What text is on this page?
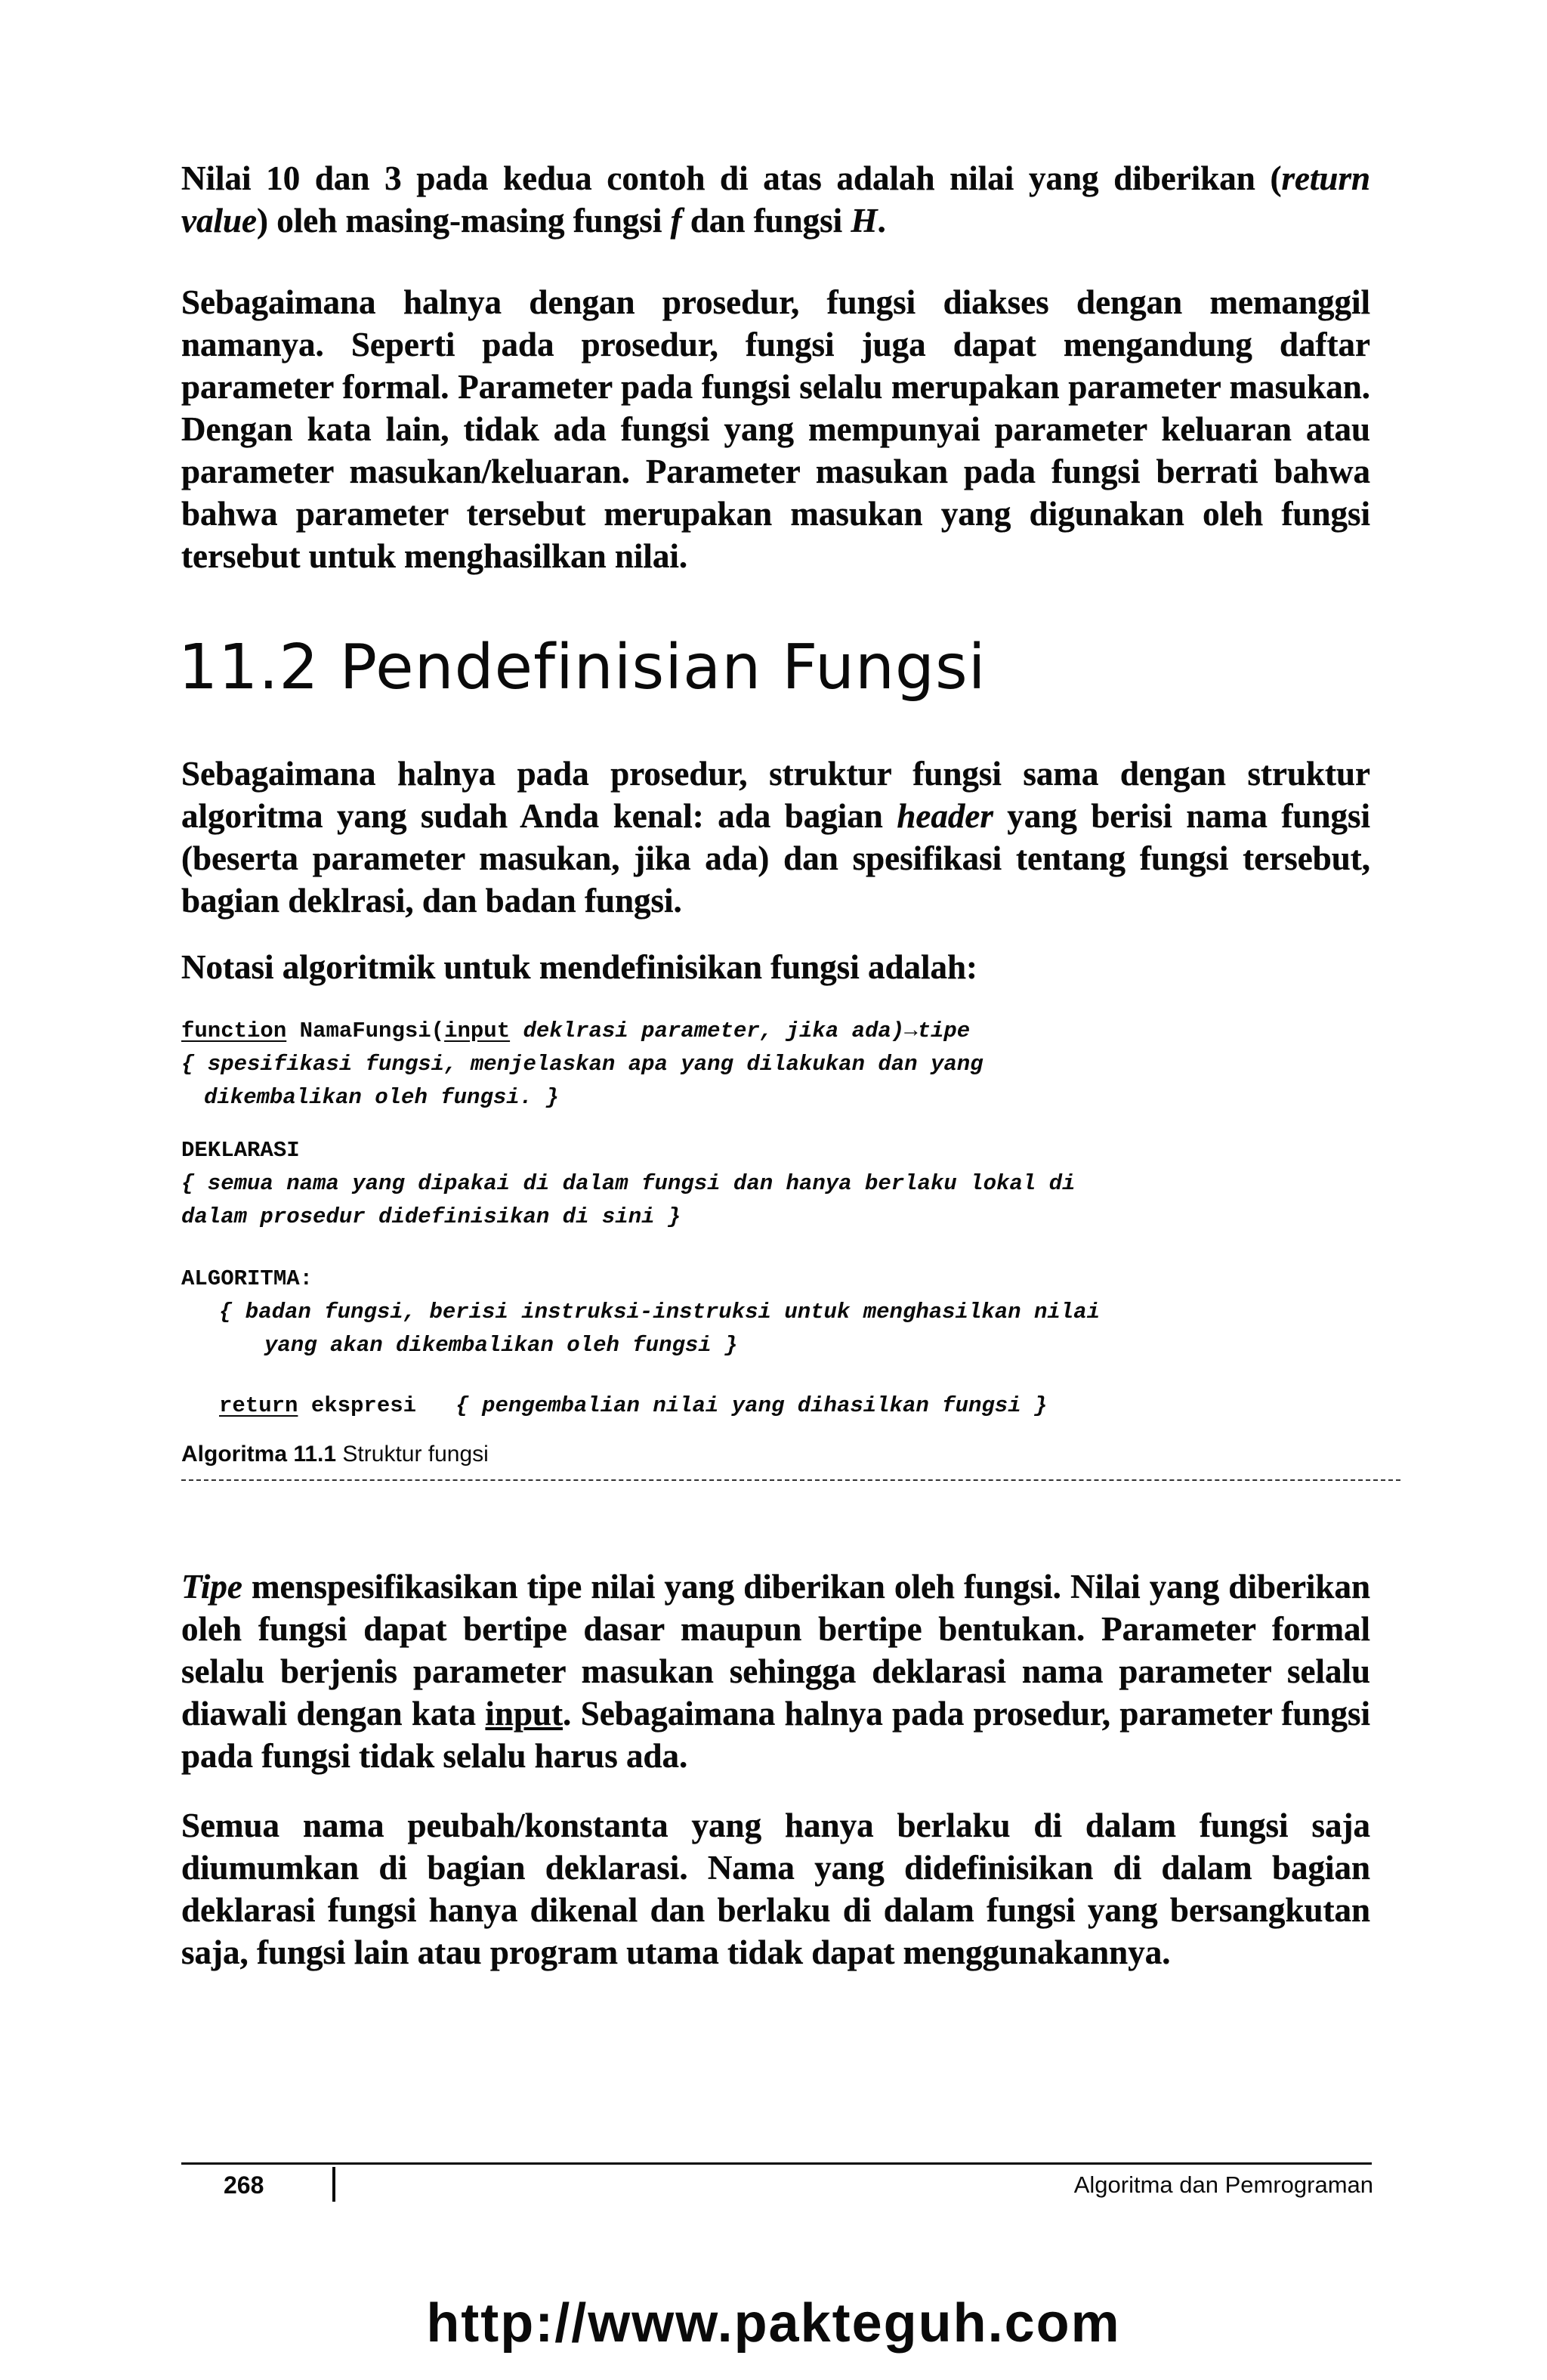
Nilai 10 dan 3 pada kedua contoh di atas adalah nilai yang diberikan (return value) oleh masing-masing fungsi f dan fungsi H.
Sebagaimana halnya dengan prosedur, fungsi diakses dengan memanggil namanya. Seperti pada prosedur, fungsi juga dapat mengandung daftar parameter formal. Parameter pada fungsi selalu merupakan parameter masukan. Dengan kata lain, tidak ada fungsi yang mempunyai parameter keluaran atau parameter masukan/keluaran. Parameter masukan pada fungsi berrati bahwa bahwa parameter tersebut merupakan masukan yang digunakan oleh fungsi tersebut untuk menghasilkan nilai.
11.2 Pendefinisian Fungsi
Sebagaimana halnya pada prosedur, struktur fungsi sama dengan struktur algoritma yang sudah Anda kenal: ada bagian header yang berisi nama fungsi (beserta parameter masukan, jika ada) dan spesifikasi tentang fungsi tersebut, bagian deklrasi, dan badan fungsi.
Notasi algoritmik untuk mendefinisikan fungsi adalah:
function NamaFungsi(input deklrasi parameter, jika ada)→tipe
{ spesifikasi fungsi, menjelaskan apa yang dilakukan dan yang
dikembalikan oleh fungsi. }
DEKLARASI
{ semua nama yang dipakai di dalam fungsi dan hanya berlaku lokal di
dalam prosedur didefinisikan di sini }
ALGORITMA:
{ badan fungsi, berisi instruksi-instruksi untuk menghasilkan nilai
yang akan dikembalikan oleh fungsi }
return ekspresi { pengembalian nilai yang dihasilkan fungsi }
Algoritma 11.1 Struktur fungsi
Tipe menspesifikasikan tipe nilai yang diberikan oleh fungsi. Nilai yang diberikan oleh fungsi dapat bertipe dasar maupun bertipe bentukan. Parameter formal selalu berjenis parameter masukan sehingga deklarasi nama parameter selalu diawali dengan kata input. Sebagaimana halnya pada prosedur, parameter fungsi pada fungsi tidak selalu harus ada.
Semua nama peubah/konstanta yang hanya berlaku di dalam fungsi saja diumumkan di bagian deklarasi. Nama yang didefinisikan di dalam bagian deklarasi fungsi hanya dikenal dan berlaku di dalam fungsi yang bersangkutan saja, fungsi lain atau program utama tidak dapat menggunakannya.
268	Algoritma dan Pemrograman
http://www.pakteguh.com
